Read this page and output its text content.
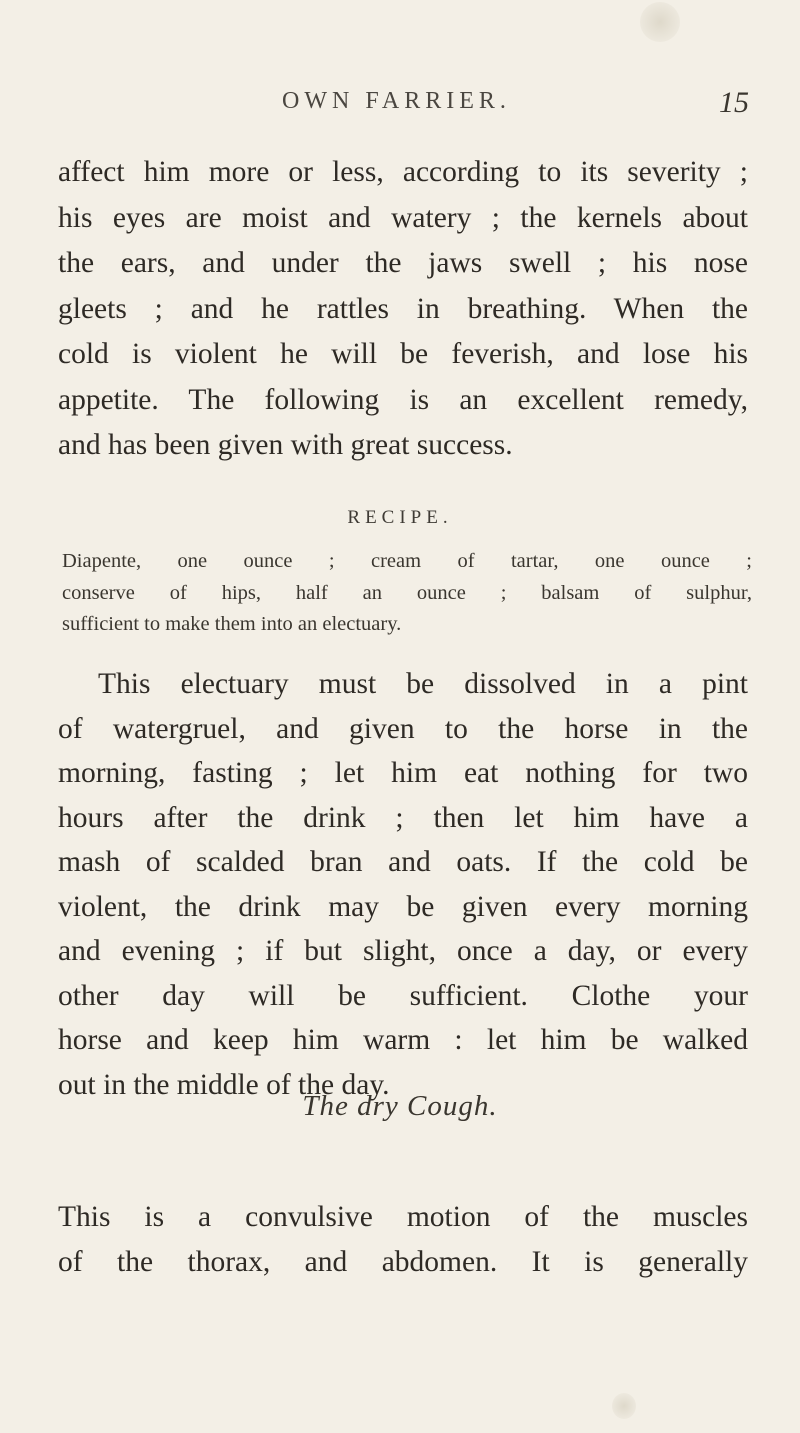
OWN FARRIER.	15

affect him more or less, according to its severity ;
his eyes are moist and watery ; the kernels about
the ears, and under the jaws swell ; his nose
gleets ; and he rattles in breathing. When the
cold is violent he will be feverish, and lose his
appetite. The following is an excellent remedy,
and has been given with great success.

RECIPE.
Diapente, one ounce ; cream of tartar, one ounce ;
conserve of hips, half an ounce ; balsam of sulphur,
sufficient to make them into an electuary.

This electuary must be dissolved in a pint
of watergruel, and given to the horse in the
morning, fasting ; let him eat nothing for two
hours after the drink ; then let him have a
mash of scalded bran and oats. If the cold be
violent, the drink may be given every morning
and evening ; if but slight, once a day, or every
other day will be sufficient. Clothe your
horse and keep him warm : let him be walked
out in the middle of the day.

The dry Cough.

This is a convulsive motion of the muscles
of the thorax, and abdomen. It is generally
